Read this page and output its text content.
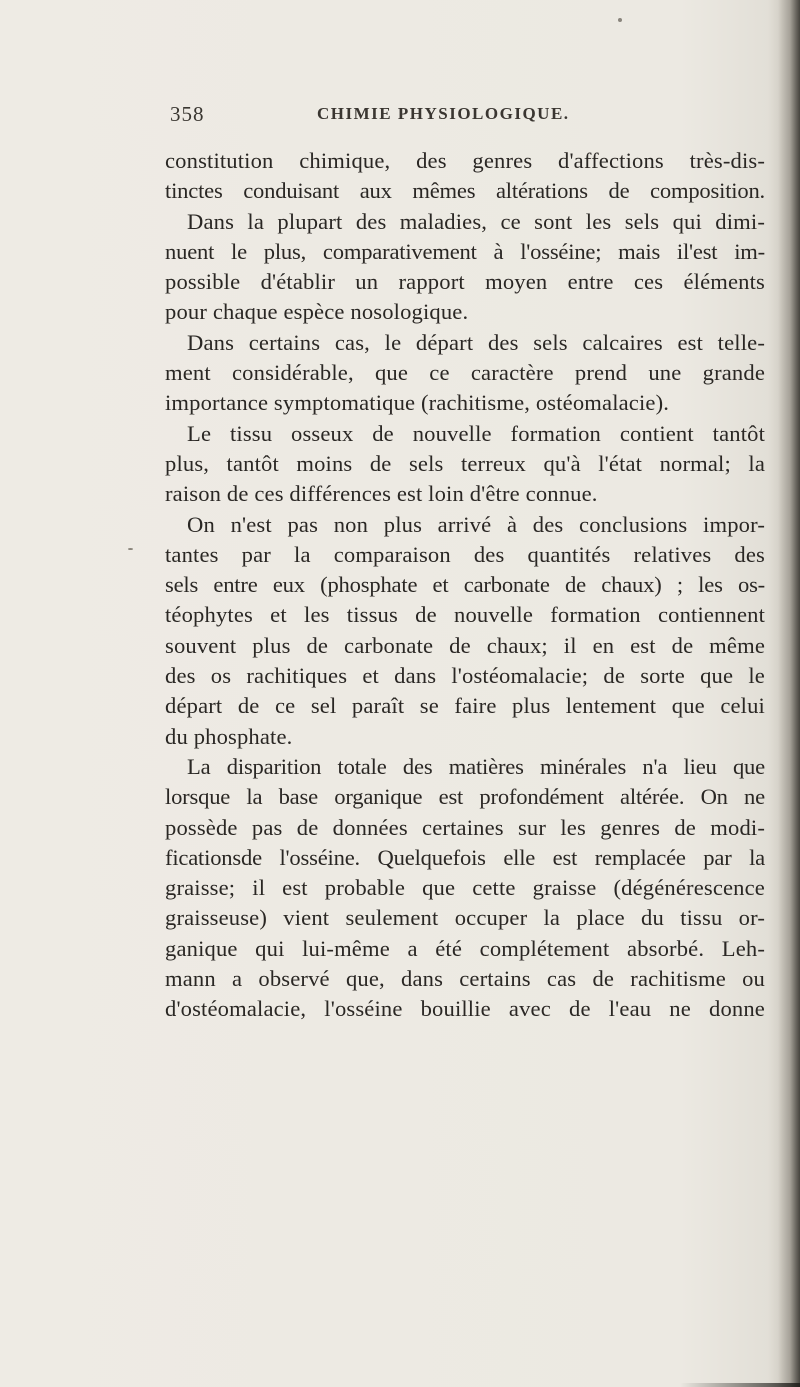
358	CHIMIE PHYSIOLOGIQUE.
constitution chimique, des genres d'affections très-dis-
tinctes conduisant aux mêmes altérations de composition.
Dans la plupart des maladies, ce sont les sels qui dimi-
nuent le plus, comparativement à l'osséine; mais il'est im-
possible d'établir un rapport moyen entre ces éléments
pour chaque espèce nosologique.
Dans certains cas, le départ des sels calcaires est telle-
ment considérable, que ce caractère prend une grande
importance symptomatique (rachitisme, ostéomalacie).
Le tissu osseux de nouvelle formation contient tantôt
plus, tantôt moins de sels terreux qu'à l'état normal; la
raison de ces différences est loin d'être connue.
On n'est pas non plus arrivé à des conclusions impor-
tantes par la comparaison des quantités relatives des
sels entre eux (phosphate et carbonate de chaux) ; les os-
téophytes et les tissus de nouvelle formation contiennent
souvent plus de carbonate de chaux; il en est de même
des os rachitiques et dans l'ostéomalacie; de sorte que le
départ de ce sel paraît se faire plus lentement que celui
du phosphate.
La disparition totale des matières minérales n'a lieu que
lorsque la base organique est profondément altérée. On ne
possède pas de données certaines sur les genres de modi-
ficationsde l'osséine. Quelquefois elle est remplacée par la
graisse; il est probable que cette graisse (dégénérescence
graisseuse) vient seulement occuper la place du tissu or-
ganique qui lui-même a été complétement absorbé. Leh-
mann a observé que, dans certains cas de rachitisme ou
d'ostéomalacie, l'osséine bouillie avec de l'eau ne donne
